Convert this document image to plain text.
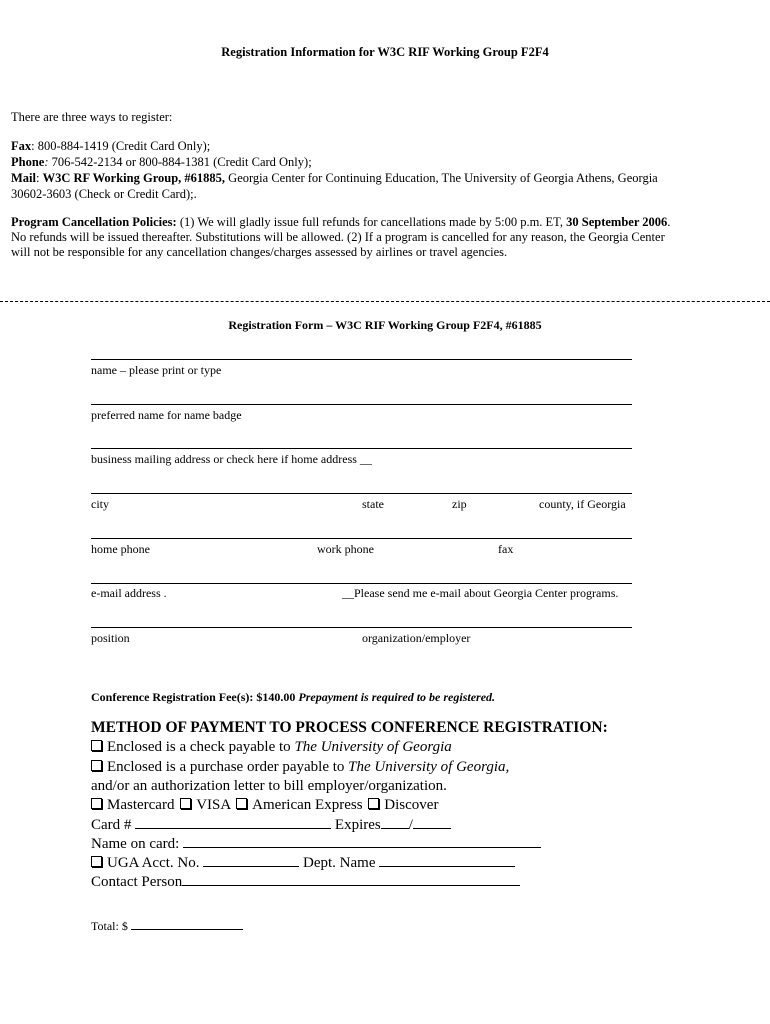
Registration Information for W3C RIF Working Group F2F4
There are three ways to register:
Fax: 800-884-1419 (Credit Card Only);
Phone: 706-542-2134 or 800-884-1381 (Credit Card Only);
Mail: W3C RF Working Group, #61885, Georgia Center for Continuing Education, The University of Georgia Athens, Georgia
30602-3603 (Check or Credit Card);.
Program Cancellation Policies: (1) We will gladly issue full refunds for cancellations made by 5:00 p.m. ET, 30 September 2006.
No refunds will be issued thereafter. Substitutions will be allowed. (2) If a program is cancelled for any reason, the Georgia Center
will not be responsible for any cancellation changes/charges assessed by airlines or travel agencies.
Registration Form – W3C RIF Working Group F2F4, #61885
name – please print or type
preferred name for name badge
business mailing address or check here if home address __
city	state	zip	county, if Georgia
home phone	work phone	fax
e-mail address .	__Please send me e-mail about Georgia Center programs.
position	organization/employer
Conference Registration Fee(s): $140.00 Prepayment is required to be registered.
METHOD OF PAYMENT TO PROCESS CONFERENCE REGISTRATION:
Enclosed is a check payable to The University of Georgia
Enclosed is a purchase order payable to The University of Georgia,
and/or an authorization letter to bill employer/organization.
Mastercard VISA American Express Discover
Card #	Expires /
Name on card:
UGA Acct. No.	Dept. Name
Contact Person
Total: $
